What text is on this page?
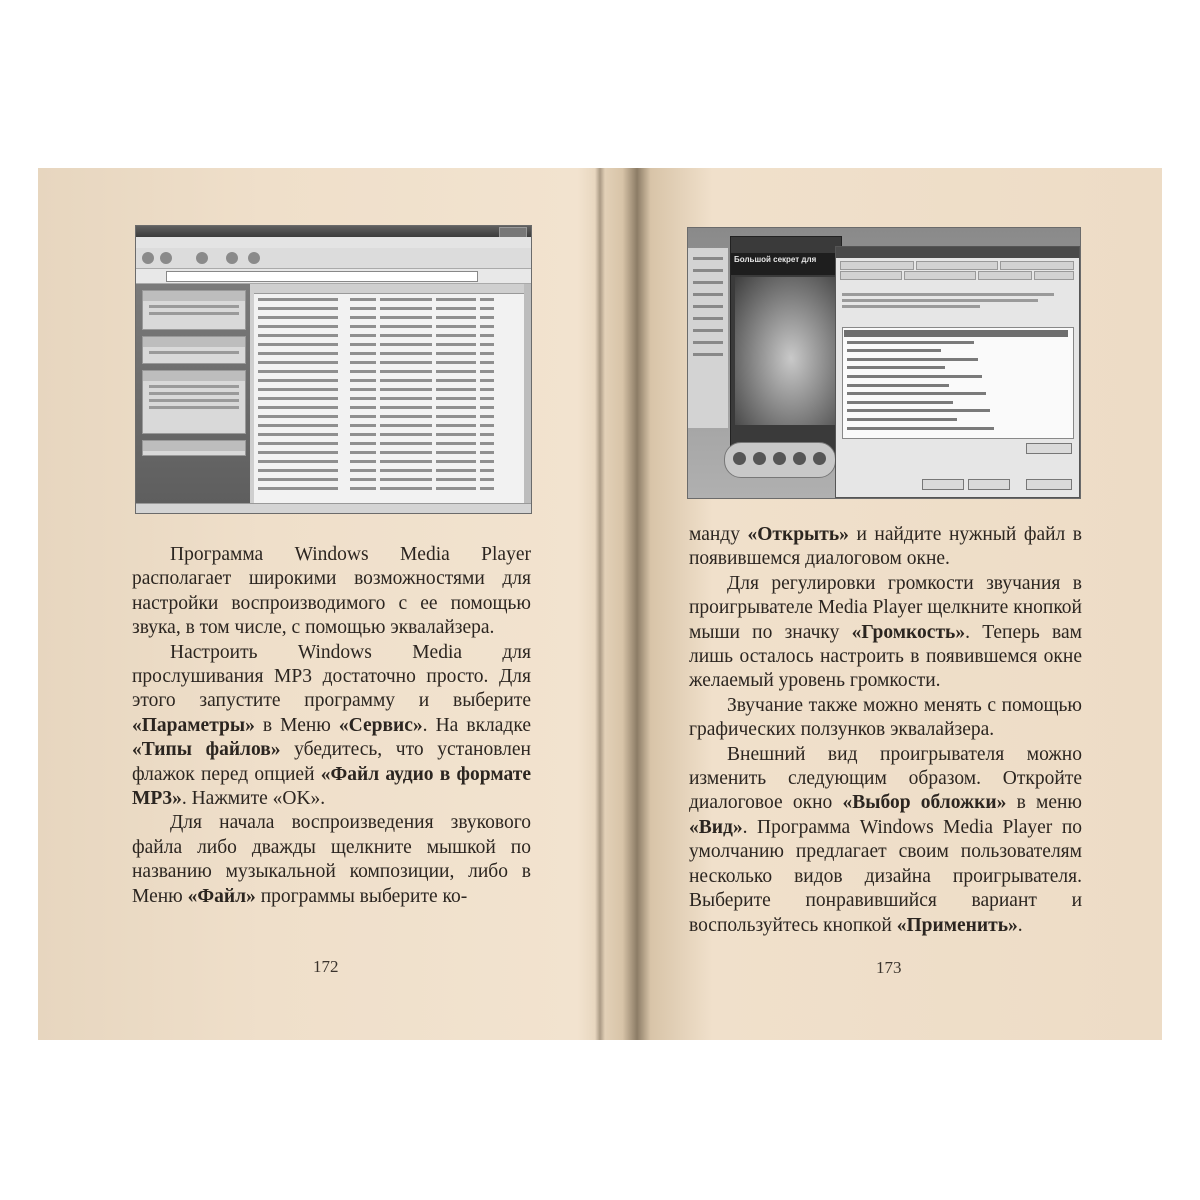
Большой секрет для

Программа Windows Media Player располагает широкими возможностями для настройки воспроизводимого с ее помощью звука, в том числе, с помощью эквалайзера.

Настроить Windows Media для прослушивания MP3 достаточно просто. Для этого запустите программу и выберите «Параметры» в Меню «Сервис». На вкладке «Типы файлов» убедитесь, что установлен флажок перед опцией «Файл аудио в формате MP3». Нажмите «OK».

Для начала воспроизведения звукового файла либо дважды щелкните мышкой по названию музыкальной композиции, либо в Меню «Файл» программы выберите ко-

манду «Открыть» и найдите нужный файл в появившемся диалоговом окне.

Для регулировки громкости звучания в проигрывателе Media Player щелкните кнопкой мыши по значку «Громкость». Теперь вам лишь осталось настроить в появившемся окне желаемый уровень громкости.

Звучание также можно менять с помощью графических ползунков эквалайзера.

Внешний вид проигрывателя можно изменить следующим образом. Откройте диалоговое окно «Выбор обложки» в меню «Вид». Программа Windows Media Player по умолчанию предлагает своим пользователям несколько видов дизайна проигрывателя. Выберите понравившийся вариант и воспользуйтесь кнопкой «Применить».

172	173
